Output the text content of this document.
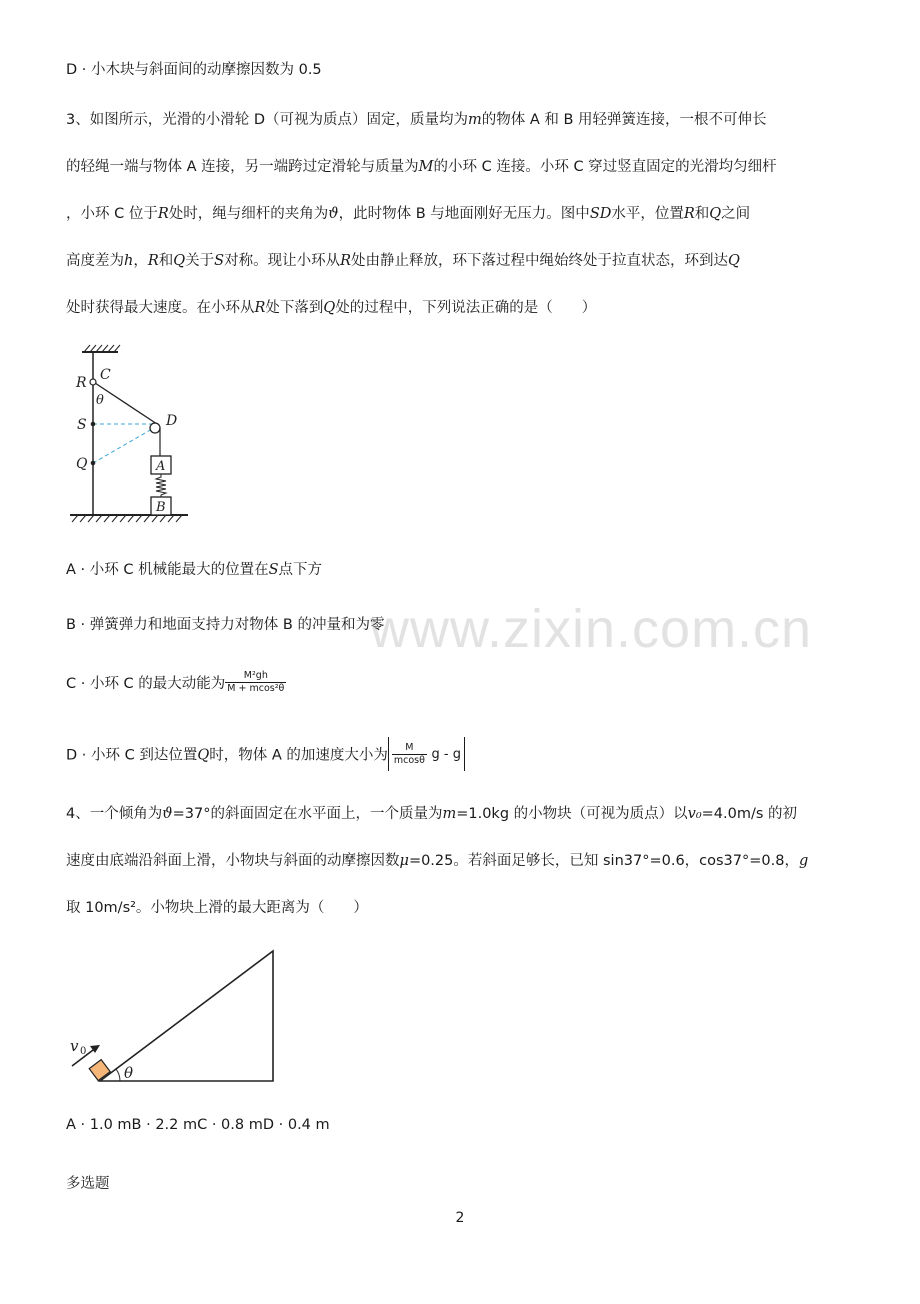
www.zixin.com.cn
D · 小木块与斜面间的动摩擦因数为 0.5
3、如图所示，光滑的小滑轮 D（可视为质点）固定，质量均为m的物体 A 和 B 用轻弹簧连接，一根不可伸长
的轻绳一端与物体 A 连接，另一端跨过定滑轮与质量为M的小环 C 连接。小环 C 穿过竖直固定的光滑均匀细杆
，小环 C 位于R处时，绳与细杆的夹角为ϑ，此时物体 B 与地面刚好无压力。图中SD水平，位置R和Q之间
高度差为h，R和Q关于S对称。现让小环从R处由静止释放，环下落过程中绳始终处于拉直状态，环到达Q
处时获得最大速度。在小环从R处下落到Q处的过程中，下列说法正确的是（　　）
R C
θ
S	D
Q	A
B
A · 小环 C 机械能最大的位置在S点下方
B · 弹簧弹力和地面支持力对物体 B 的冲量和为零
C · 小环 C 的最大动能为 $\frac{\text{M²gh}}{\text{M + mcos²θ}}$
D · 小环 C 到达位置Q时，物体 A 的加速度大小为 $\frac{M}{mcos\theta}$ g - g
4、一个倾角为ϑ=37°的斜面固定在水平面上，一个质量为m=1.0kg 的小物块（可视为质点）以v₀=4.0m/s 的初
速度由底端沿斜面上滑，小物块与斜面的动摩擦因数μ=0.25。若斜面足够长，已知 sin37°=0.6，cos37°=0.8，g
取 10m/s²。小物块上滑的最大距离为（　　）
v 0
θ
A · 1.0 mB · 2.2 mC · 0.8 mD · 0.4 m
多选题
2
